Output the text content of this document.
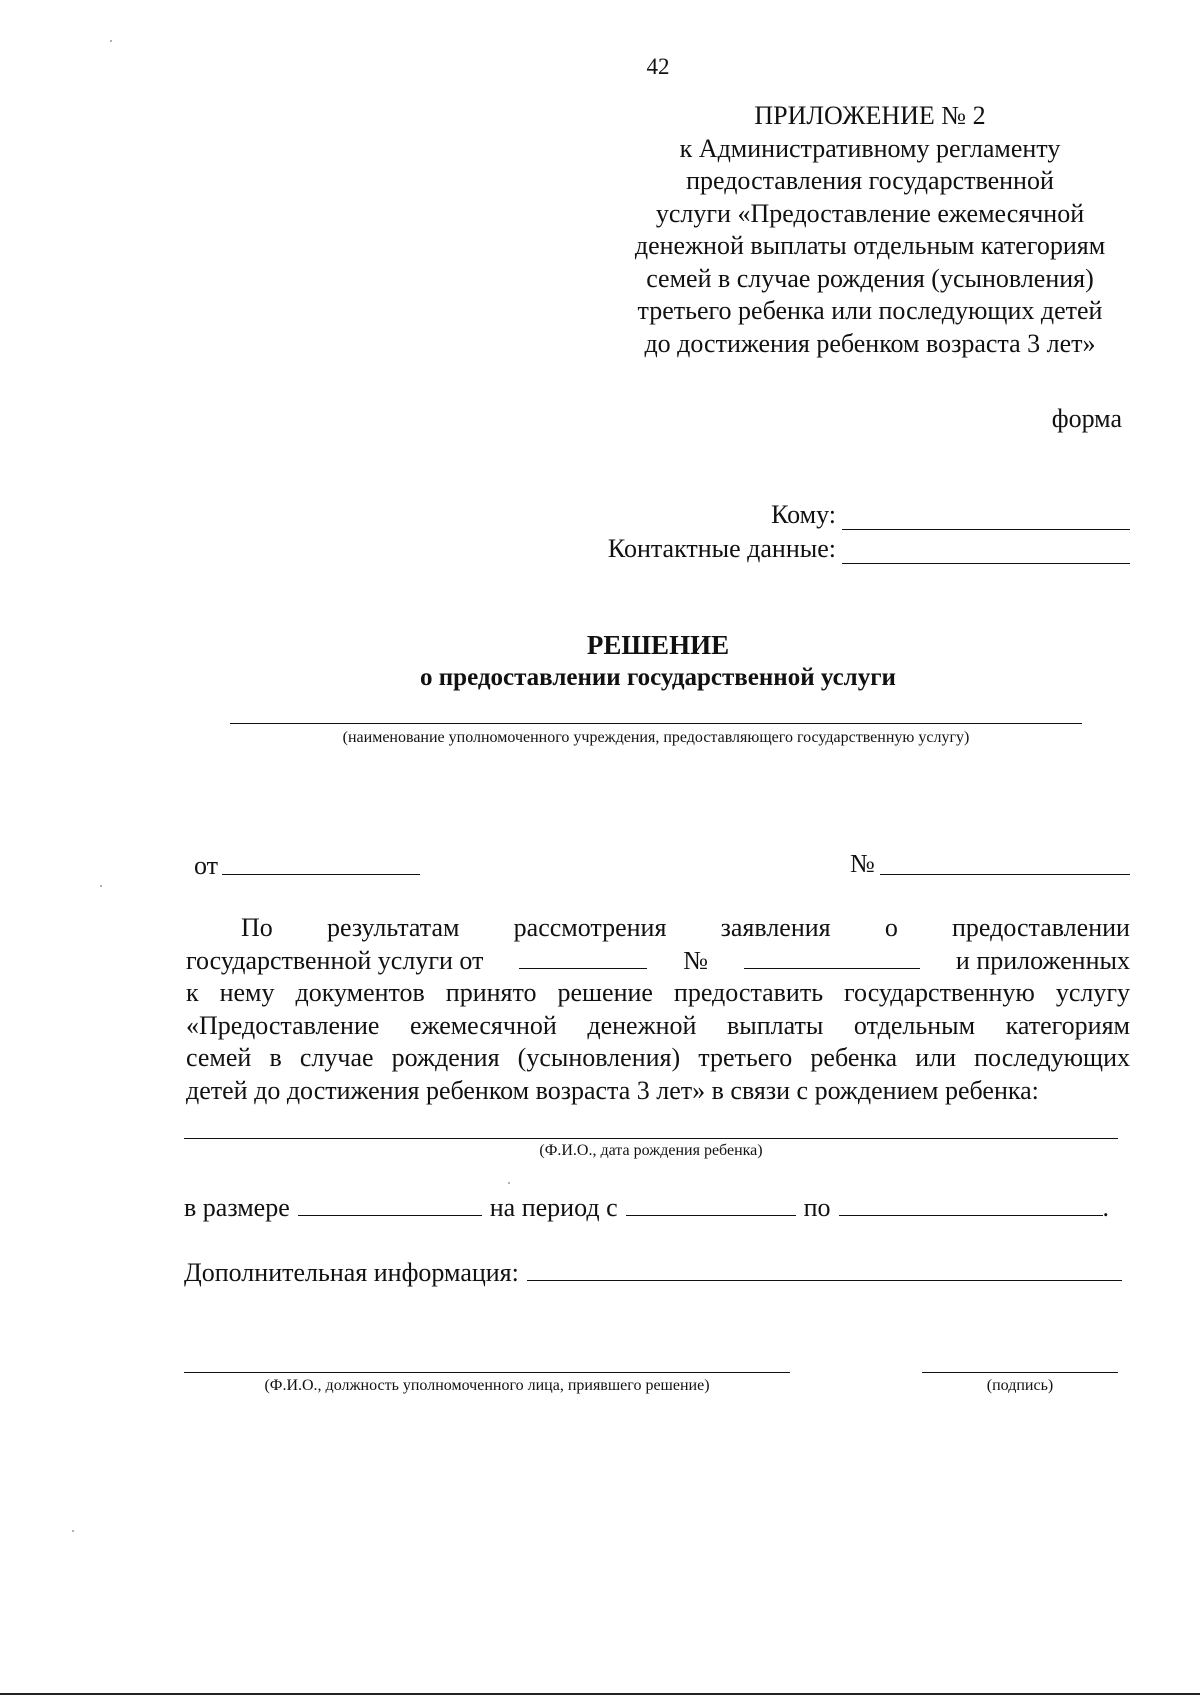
42
ПРИЛОЖЕНИЕ № 2
к Административному регламенту
предоставления государственной
услуги «Предоставление ежемесячной
денежной выплаты отдельным категориям
семей в случае рождения (усыновления)
третьего ребенка или последующих детей
до достижения ребенком возраста 3 лет»
форма
Кому:
Контактные данные:
РЕШЕНИЕ
о предоставлении государственной услуги
(наименование уполномоченного учреждения, предоставляющего государственную услугу)
от	№
По результатам рассмотрения заявления о предоставлении
государственной услуги от	№	и приложенных
к нему документов принято решение предоставить государственную услугу
«Предоставление ежемесячной денежной выплаты отдельным категориям
семей в случае рождения (усыновления) третьего ребенка или последующих
детей до достижения ребенком возраста 3 лет» в связи с рождением ребенка:
(Ф.И.О., дата рождения ребенка)
в размере	на период с	по	.
Дополнительная информация:
(Ф.И.О., должность уполномоченного лица, приявшего решение)	(подпись)
